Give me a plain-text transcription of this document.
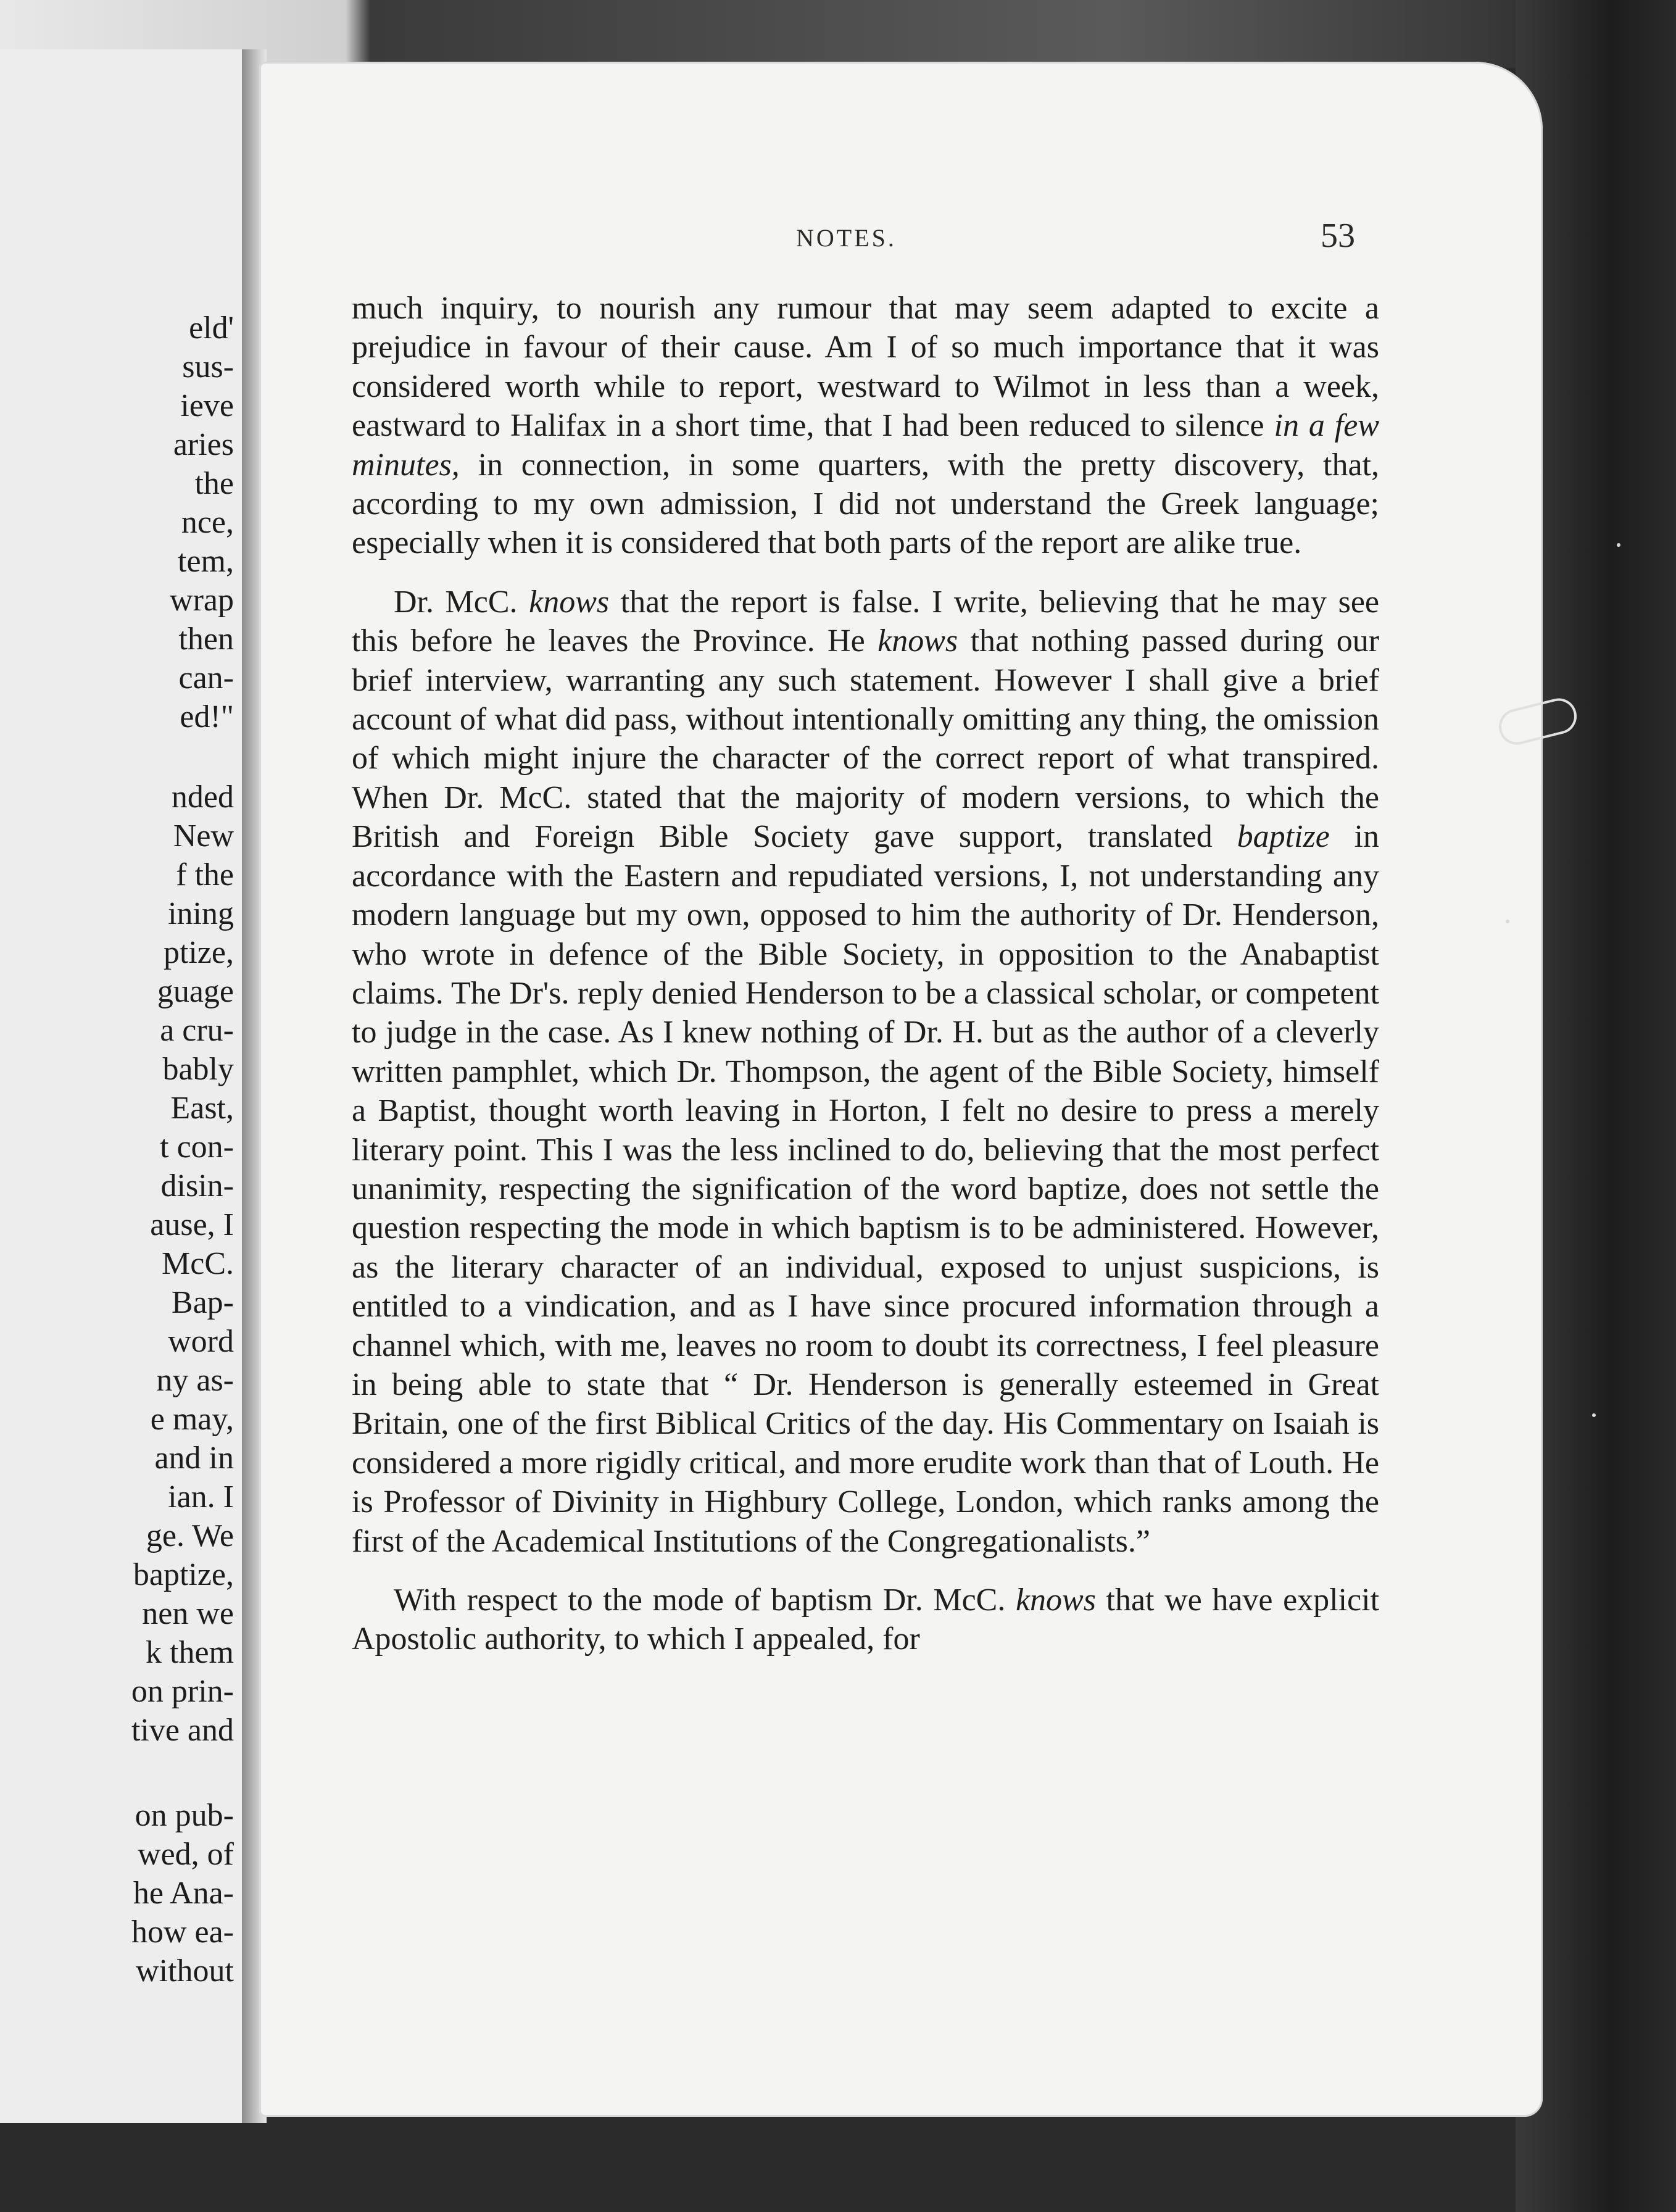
eld'
sus-
ieve
aries
the
nce,
tem,
wrap
then
can-
ed!"
nded
New
f the
ining
ptize,
guage
a cru-
bably
East,
t con-
disin-
ause, I
McC.
Bap-
word
ny as-
e may,
and in
ian. I
ge. We
baptize,
nen we
k them
on prin-
tive and
on pub-
wed, of
he Ana-
how ea-
without
NOTES.	53

much inquiry, to nourish any rumour that may seem adapted to excite a prejudice in favour of their cause. Am I of so much importance that it was considered worth while to report, westward to Wilmot in less than a week, eastward to Halifax in a short time, that I had been reduced to silence in a few minutes, in connection, in some quarters, with the pretty discovery, that, according to my own admission, I did not understand the Greek language; especially when it is considered that both parts of the report are alike true.

Dr. McC. knows that the report is false. I write, believing that he may see this before he leaves the Province. He knows that nothing passed during our brief interview, warranting any such statement. However I shall give a brief account of what did pass, without intentionally omitting any thing, the omission of which might injure the character of the correct report of what transpired. When Dr. McC. stated that the majority of modern versions, to which the British and Foreign Bible Society gave support, translated baptize in accordance with the Eastern and repudiated versions, I, not understanding any modern language but my own, opposed to him the authority of Dr. Henderson, who wrote in defence of the Bible Society, in opposition to the Anabaptist claims. The Dr's. reply denied Henderson to be a classical scholar, or competent to judge in the case. As I knew nothing of Dr. H. but as the author of a cleverly written pamphlet, which Dr. Thompson, the agent of the Bible Society, himself a Baptist, thought worth leaving in Horton, I felt no desire to press a merely literary point. This I was the less inclined to do, believing that the most perfect unanimity, respecting the signification of the word baptize, does not settle the question respecting the mode in which baptism is to be administered. However, as the literary character of an individual, exposed to unjust suspicions, is entitled to a vindication, and as I have since procured information through a channel which, with me, leaves no room to doubt its correctness, I feel pleasure in being able to state that “ Dr. Henderson is generally esteemed in Great Britain, one of the first Biblical Critics of the day. His Commentary on Isaiah is considered a more rigidly critical, and more erudite work than that of Louth. He is Professor of Divinity in Highbury College, London, which ranks among the first of the Academical Institutions of the Congregationalists.”

With respect to the mode of baptism Dr. McC. knows that we have explicit Apostolic authority, to which I appealed, for
